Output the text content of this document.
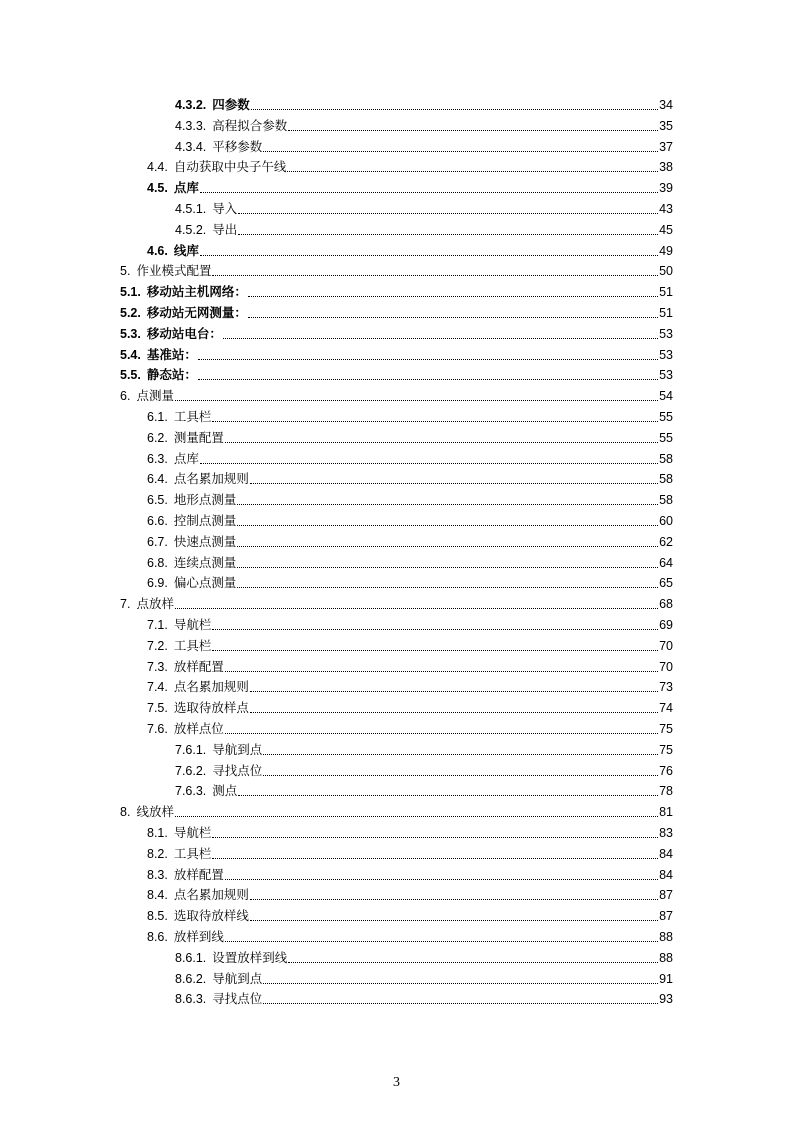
4.3.2. 四参数	34
4.3.3. 高程拟合参数	35
4.3.4. 平移参数	37
4.4. 自动获取中央子午线	38
4.5. 点库	39
4.5.1. 导入	43
4.5.2. 导出	45
4.6. 线库	49
5. 作业模式配置	50
5.1. 移动站主机网络：	51
5.2. 移动站无网测量：	51
5.3. 移动站电台：	53
5.4. 基准站：	53
5.5. 静态站：	53
6. 点测量	54
6.1. 工具栏	55
6.2. 测量配置	55
6.3. 点库	58
6.4. 点名累加规则	58
6.5. 地形点测量	58
6.6. 控制点测量	60
6.7. 快速点测量	62
6.8. 连续点测量	64
6.9. 偏心点测量	65
7. 点放样	68
7.1. 导航栏	69
7.2. 工具栏	70
7.3. 放样配置	70
7.4. 点名累加规则	73
7.5. 选取待放样点	74
7.6. 放样点位	75
7.6.1. 导航到点	75
7.6.2. 寻找点位	76
7.6.3. 测点	78
8. 线放样	81
8.1. 导航栏	83
8.2. 工具栏	84
8.3. 放样配置	84
8.4. 点名累加规则	87
8.5. 选取待放样线	87
8.6. 放样到线	88
8.6.1. 设置放样到线	88
8.6.2. 导航到点	91
8.6.3. 寻找点位	93
3
